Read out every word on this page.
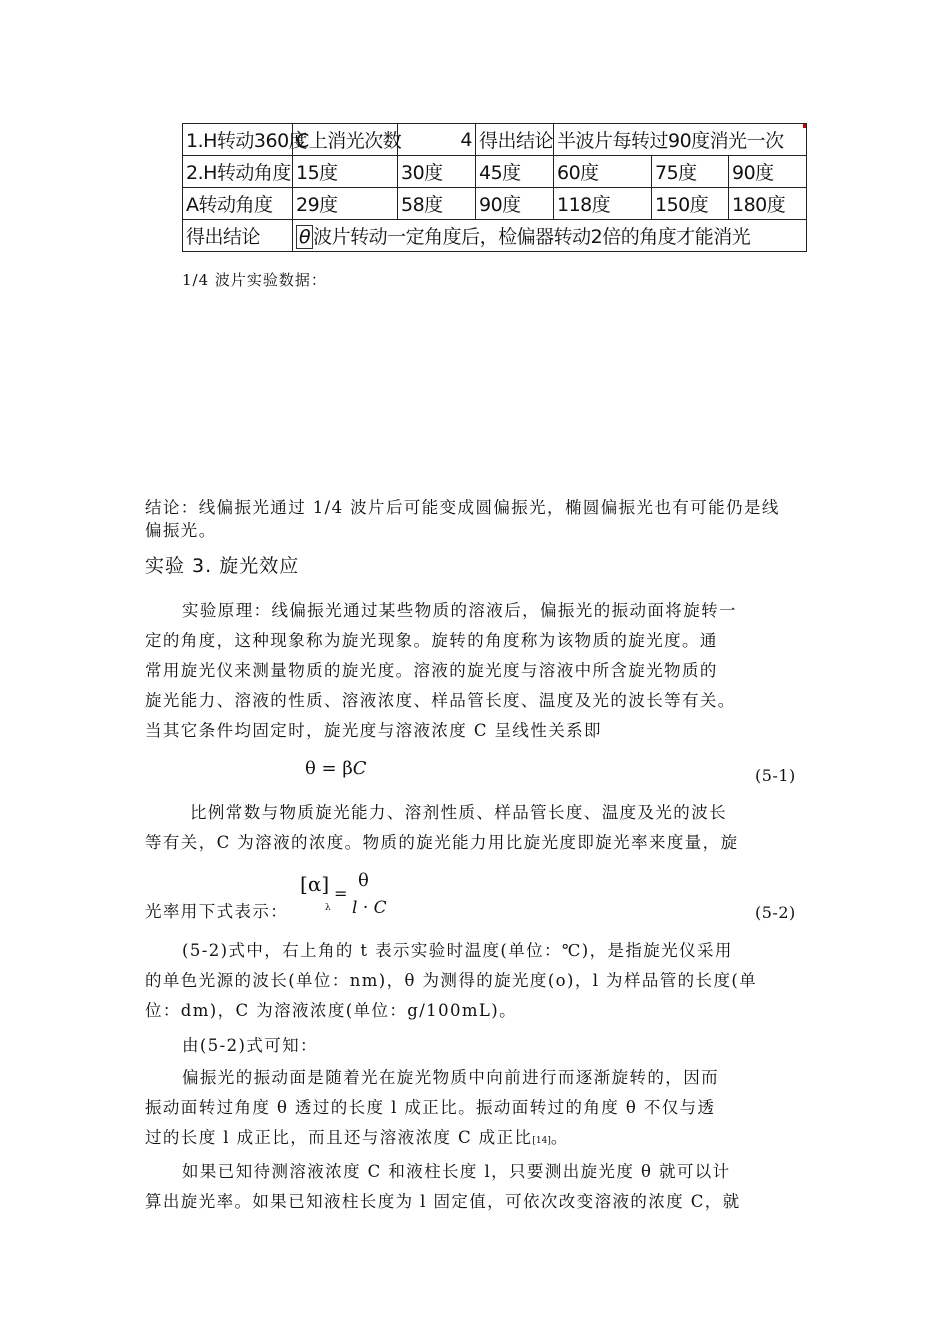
1.H转动360度	C上消光次数	4	得出结论	半波片每转过90度消光一次		
2.H转动角度	15度	30度	45度	60度	75度	90度
A转动角度	29度	58度	90度	118度	150度	180度
得出结论	θ 波片转动一定角度后，检偏器转动2倍的角度才能消光					
1/4 波片实验数据：
结论：线偏振光通过 1/4 波片后可能变成圆偏振光，椭圆偏振光也有可能仍是线
偏振光。
实验 3. 旋光效应
实验原理：线偏振光通过某些物质的溶液后，偏振光的振动面将旋转一
定的角度，这种现象称为旋光现象。旋转的角度称为该物质的旋光度。通
常用旋光仪来测量物质的旋光度。溶液的旋光度与溶液中所含旋光物质的
旋光能力、溶液的性质、溶液浓度、样品管长度、温度及光的波长等有关。
当其它条件均固定时，旋光度与溶液浓度 C 呈线性关系即
θ = βC	(5-1)
比例常数与物质旋光能力、溶剂性质、样品管长度、温度及光的波长
等有关，C 为溶液的浓度。物质的旋光能力用比旋光度即旋光率来度量，旋
光率用下式表示：
[α]
λ
=
θ
l · C	(5-2)
(5-2)式中，右上角的 t 表示实验时温度(单位：℃)，是指旋光仪采用
的单色光源的波长(单位：nm)，θ 为测得的旋光度(o)，l 为样品管的长度(单
位：dm)，C 为溶液浓度(单位：g/100mL)。
由(5-2)式可知：
偏振光的振动面是随着光在旋光物质中向前进行而逐渐旋转的，因而
振动面转过角度 θ 透过的长度 l 成正比。振动面转过的角度 θ 不仅与透
过的长度 l 成正比，而且还与溶液浓度 C 成正比[14]。
如果已知待测溶液浓度 C 和液柱长度 l，只要测出旋光度 θ 就可以计
算出旋光率。如果已知液柱长度为 l 固定值，可依次改变溶液的浓度 C，就
